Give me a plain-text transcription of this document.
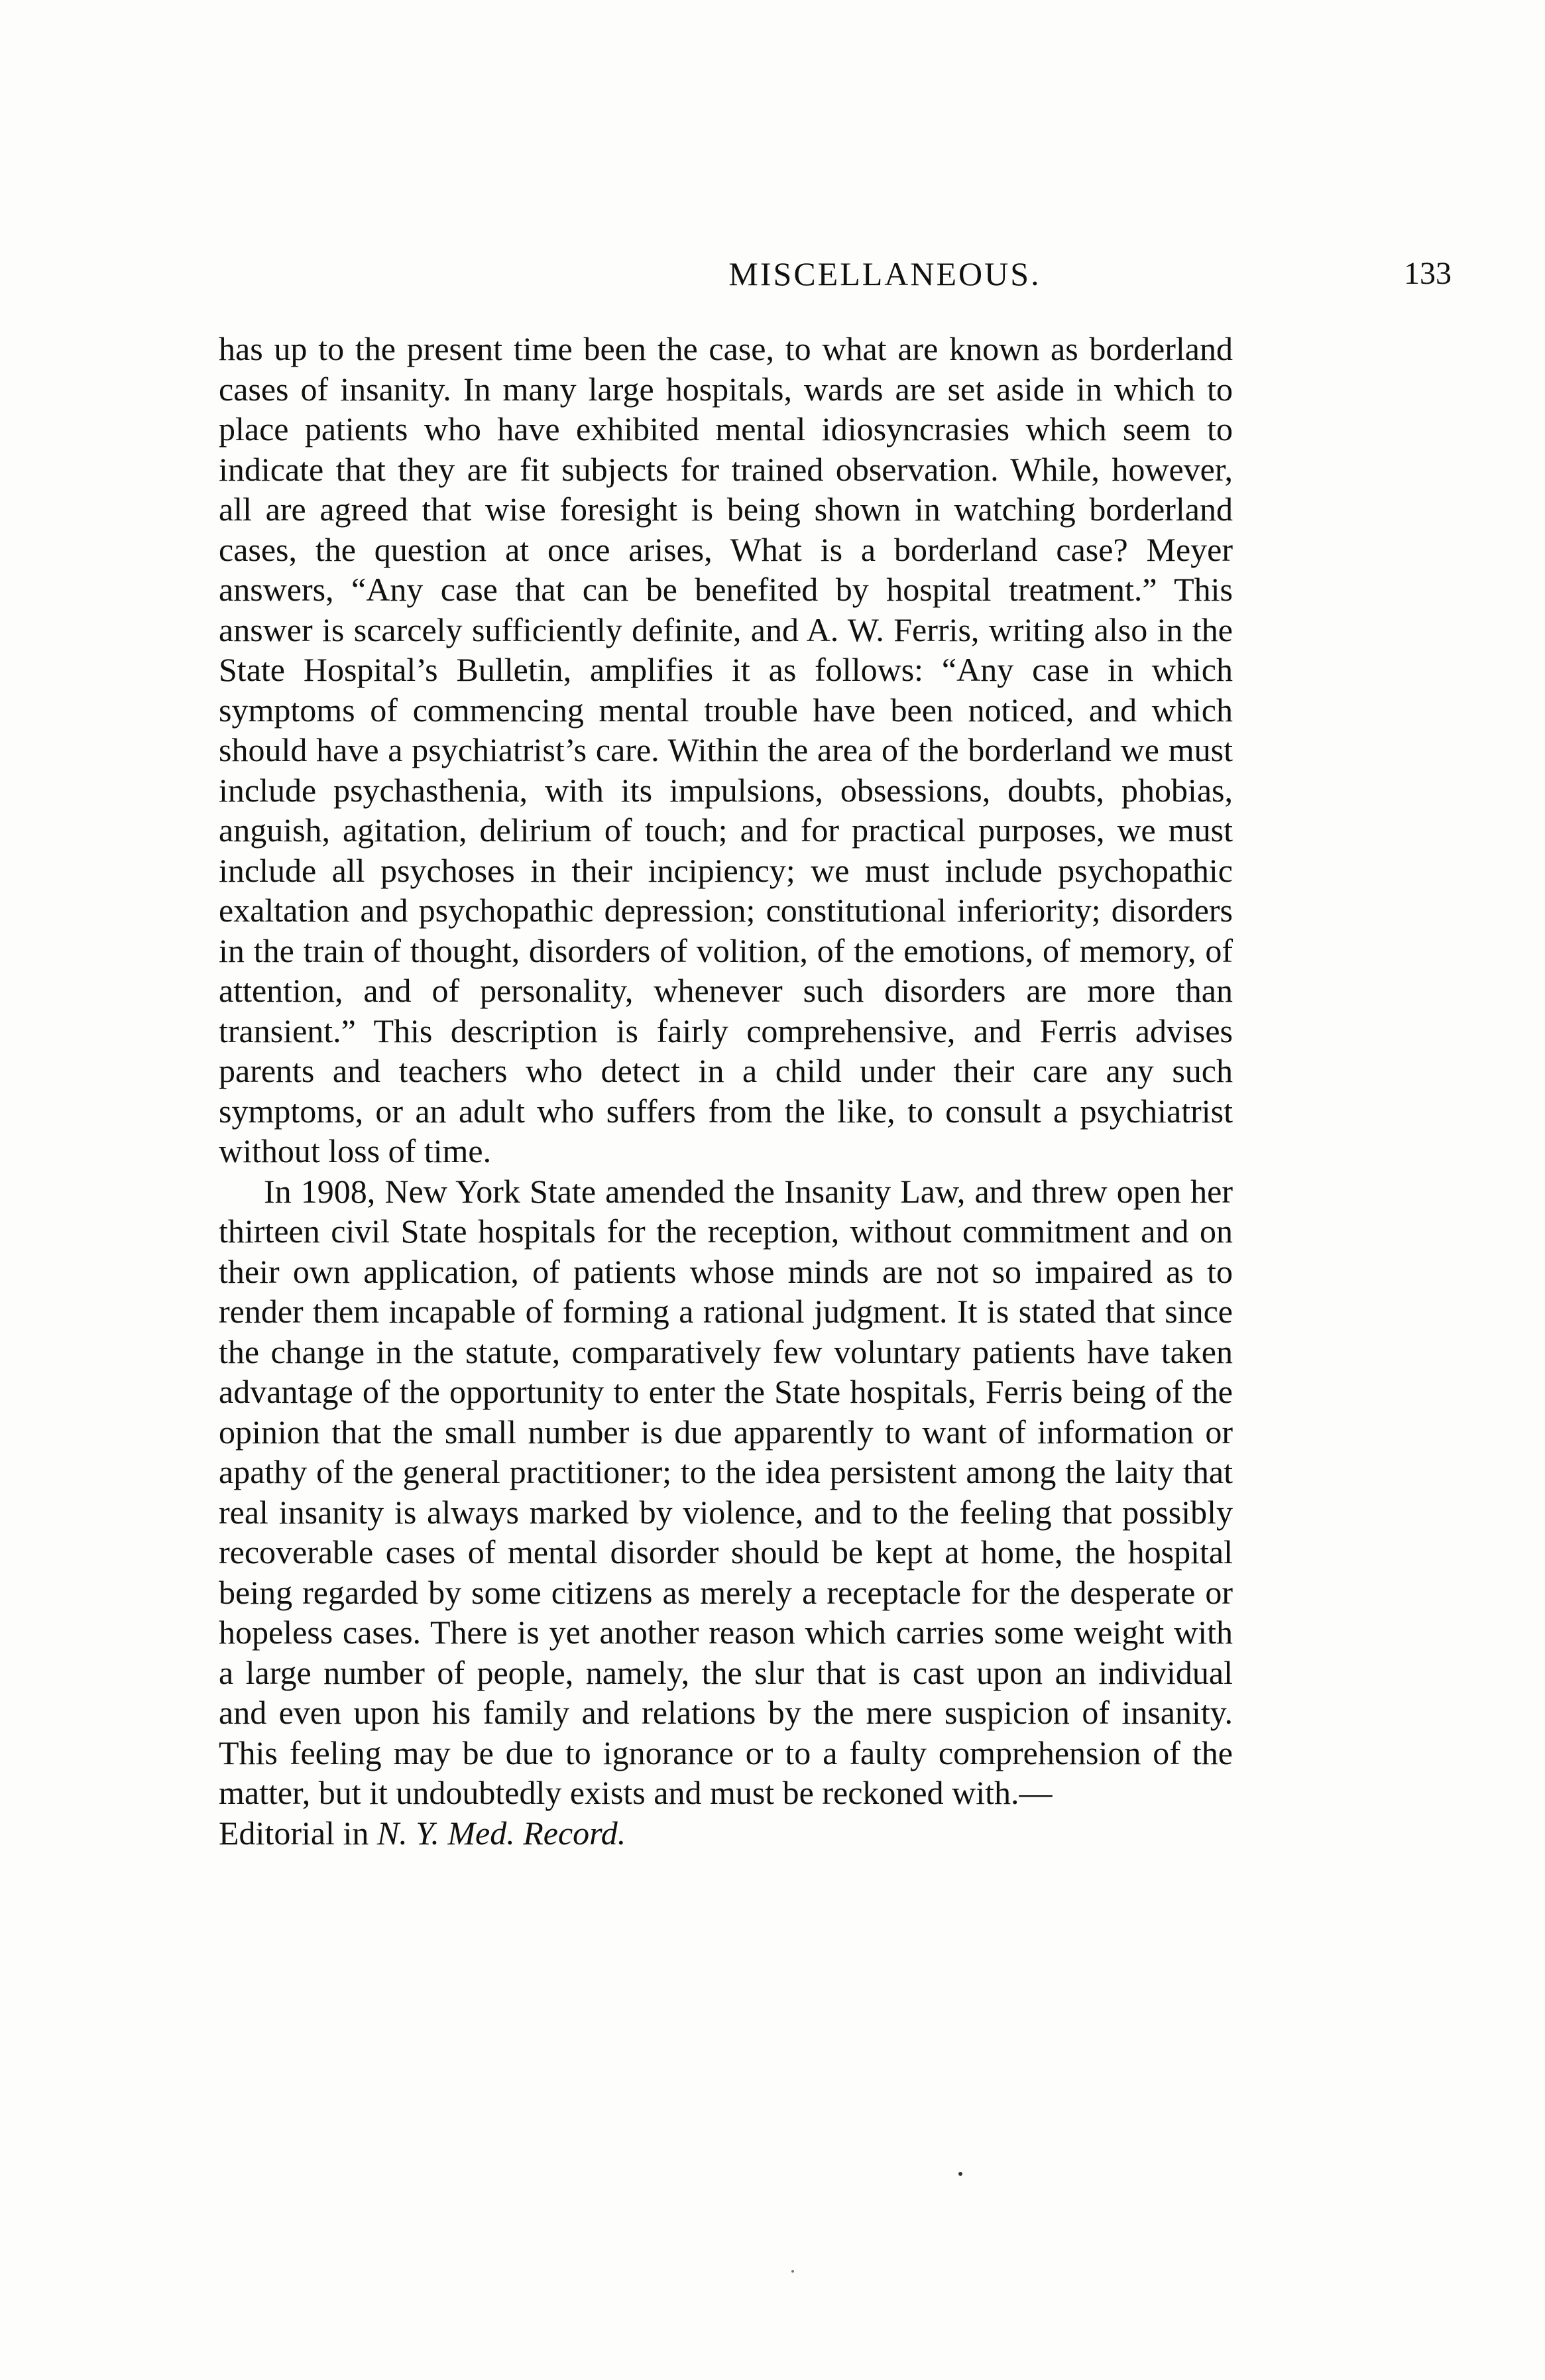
MISCELLANEOUS.	133

has up to the present time been the case, to what are known as borderland cases of insanity. In many large hospitals, wards are set aside in which to place patients who have exhibited mental idiosyncrasies which seem to indicate that they are fit subjects for trained observation. While, however, all are agreed that wise foresight is being shown in watching borderland cases, the question at once arises, What is a borderland case? Meyer answers, “Any case that can be benefited by hospital treatment.” This answer is scarcely sufficiently definite, and A. W. Ferris, writing also in the State Hospital’s Bulletin, amplifies it as follows: “Any case in which symptoms of commencing mental trouble have been noticed, and which should have a psychiatrist’s care. Within the area of the borderland we must include psychasthenia, with its impulsions, obsessions, doubts, phobias, anguish, agitation, delirium of touch; and for practical purposes, we must include all psychoses in their incipiency; we must include psychopathic exaltation and psychopathic depression; constitutional inferiority; disorders in the train of thought, disorders of volition, of the emotions, of memory, of attention, and of personality, whenever such disorders are more than transient.” This description is fairly comprehensive, and Ferris advises parents and teachers who detect in a child under their care any such symptoms, or an adult who suffers from the like, to consult a psychiatrist without loss of time.

In 1908, New York State amended the Insanity Law, and threw open her thirteen civil State hospitals for the reception, without commitment and on their own application, of patients whose minds are not so impaired as to render them incapable of forming a rational judgment. It is stated that since the change in the statute, comparatively few voluntary patients have taken advantage of the opportunity to enter the State hospitals, Ferris being of the opinion that the small number is due apparently to want of information or apathy of the general practitioner; to the idea persistent among the laity that real insanity is always marked by violence, and to the feeling that possibly recoverable cases of mental disorder should be kept at home, the hospital being regarded by some citizens as merely a receptacle for the desperate or hopeless cases. There is yet another reason which carries some weight with a large number of people, namely, the slur that is cast upon an individual and even upon his family and relations by the mere suspicion of insanity. This feeling may be due to ignorance or to a faulty comprehension of the matter, but it undoubtedly exists and must be reckoned with.—
Editorial in N. Y. Med. Record.
